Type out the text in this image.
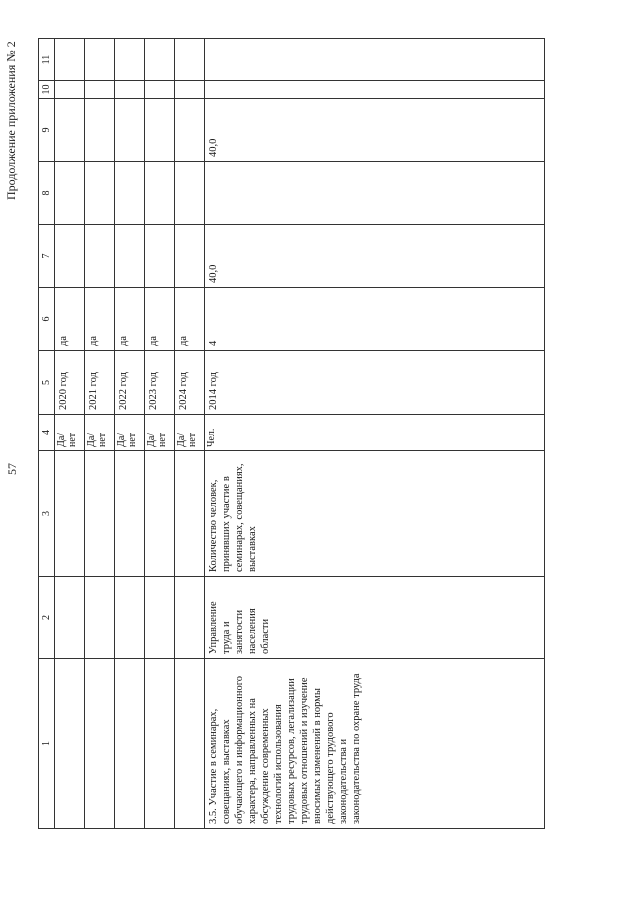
57
Продолжение приложения № 2
1	2	3	4	5	6	7	8	9	10	11
			Да/ нет	2020 год	да					
			Да/ нет	2021 год	да					
			Да/ нет	2022 год	да					
			Да/ нет	2023 год	да					
			Да/ нет	2024 год	да					
3.5. Участие в семинарах, совещаниях, выставках обучающего и информационного характера, направленных на обсуждение современных технологий использования трудовых ресурсов, легализации трудовых отношений и изучение вносимых изменений в нормы действующего трудового законодательства и законодательства по охране труда	Управление труда и занятости населения области	Количество человек, принявших участие в семинарах, совещаниях, выставках	Чел.	2014 год	4	40,0		40,0		
